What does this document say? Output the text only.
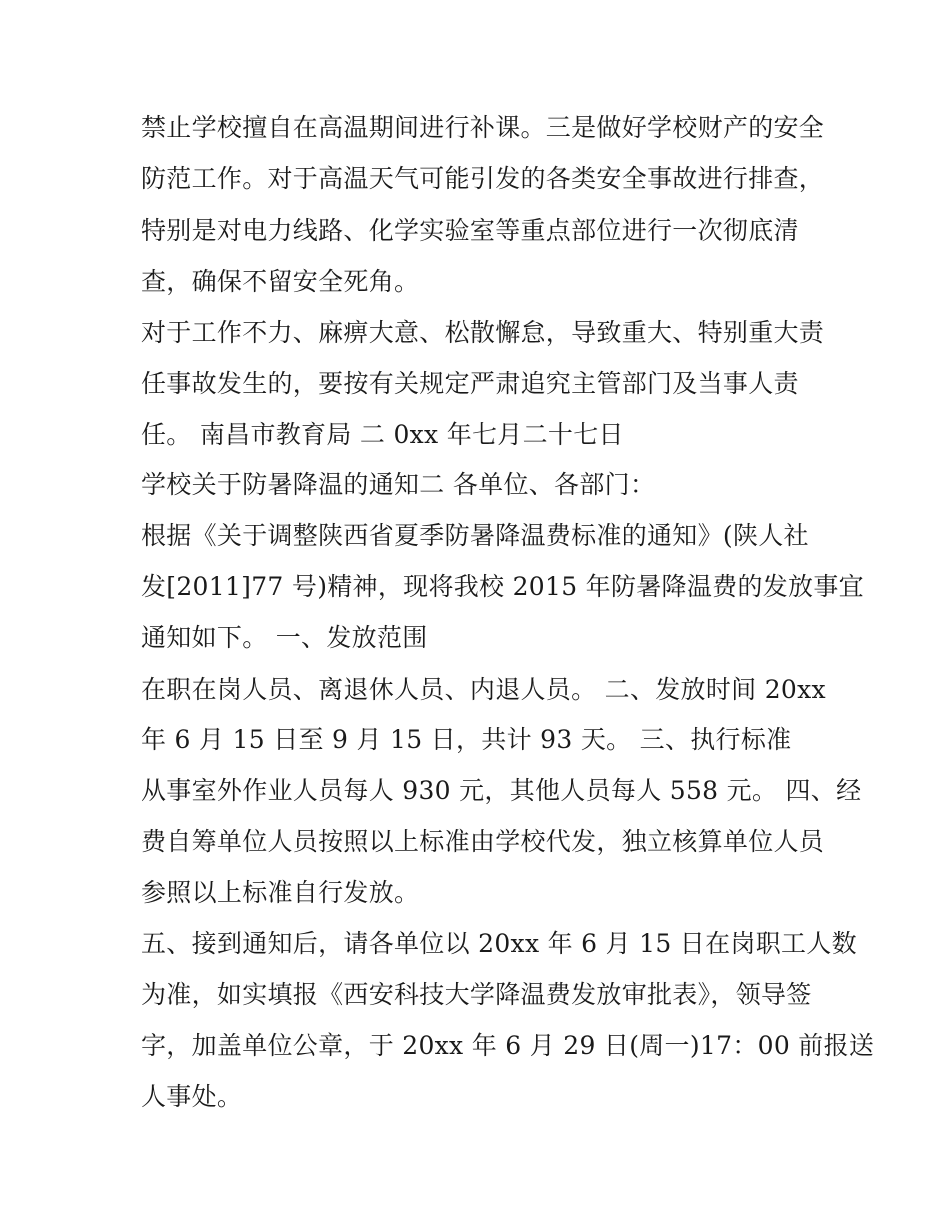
禁止学校擅自在高温期间进行补课。三是做好学校财产的安全
防范工作。对于高温天气可能引发的各类安全事故进行排查，
特别是对电力线路、化学实验室等重点部位进行一次彻底清
查，确保不留安全死角。
对于工作不力、麻痹大意、松散懈怠，导致重大、特别重大责
任事故发生的，要按有关规定严肃追究主管部门及当事人责
任。 南昌市教育局 二 0xx 年七月二十七日
学校关于防暑降温的通知二 各单位、各部门：
根据《关于调整陕西省夏季防暑降温费标准的通知》(陕人社
发[2011]77 号)精神，现将我校 2015 年防暑降温费的发放事宜
通知如下。 一、发放范围
在职在岗人员、离退休人员、内退人员。 二、发放时间 20xx
年 6 月 15 日至 9 月 15 日，共计 93 天。 三、执行标准
从事室外作业人员每人 930 元，其他人员每人 558 元。 四、经
费自筹单位人员按照以上标准由学校代发，独立核算单位人员
参照以上标准自行发放。
五、接到通知后，请各单位以 20xx 年 6 月 15 日在岗职工人数
为准，如实填报《西安科技大学降温费发放审批表》，领导签
字，加盖单位公章，于 20xx 年 6 月 29 日(周一)17：00 前报送
人事处。
